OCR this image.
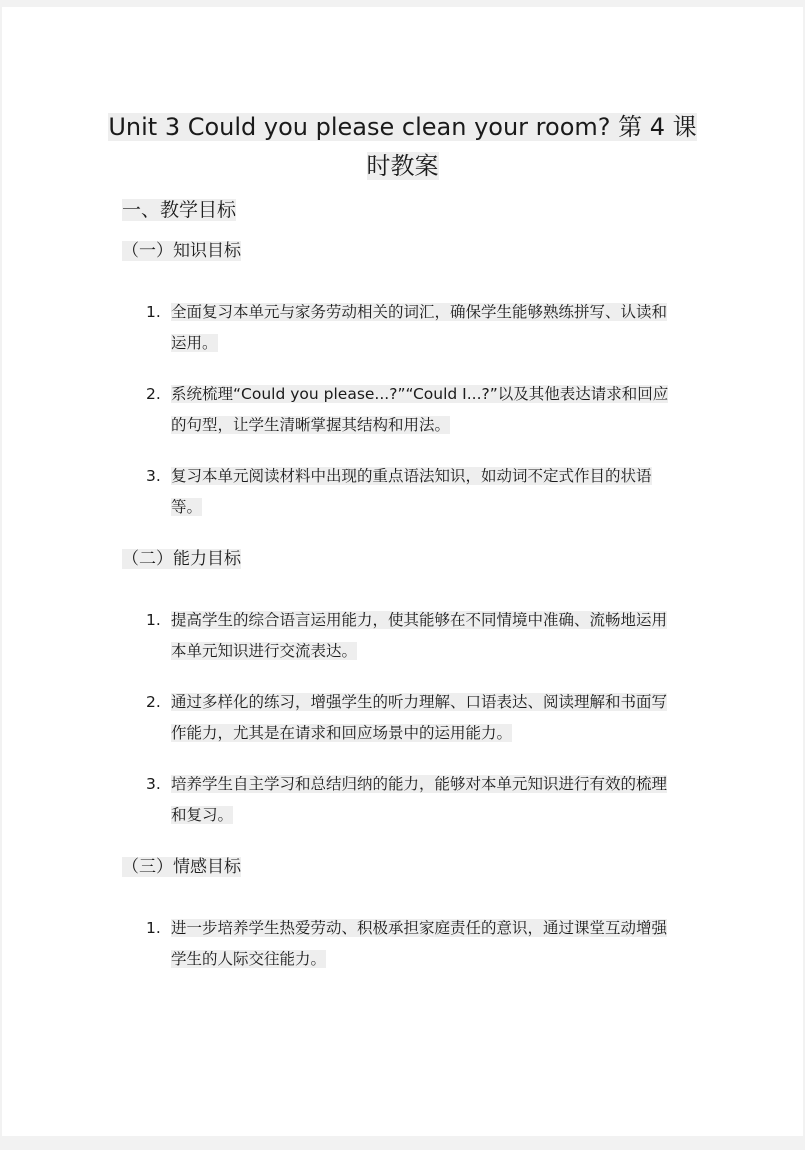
Unit 3 Could you please clean your room? 第 4 课
时教案
一、教学目标
（一）知识目标
1. 全面复习本单元与家务劳动相关的词汇，确保学生能够熟练拼写、认读和运用。
2. 系统梳理“Could you please...?”“Could I...?”以及其他表达请求和回应的句型，让学生清晰掌握其结构和用法。
3. 复习本单元阅读材料中出现的重点语法知识，如动词不定式作目的状语等。
（二）能力目标
1. 提高学生的综合语言运用能力，使其能够在不同情境中准确、流畅地运用本单元知识进行交流表达。
2. 通过多样化的练习，增强学生的听力理解、口语表达、阅读理解和书面写作能力，尤其是在请求和回应场景中的运用能力。
3. 培养学生自主学习和总结归纳的能力，能够对本单元知识进行有效的梳理和复习。
（三）情感目标
1. 进一步培养学生热爱劳动、积极承担家庭责任的意识，通过课堂互动增强学生的人际交往能力。
